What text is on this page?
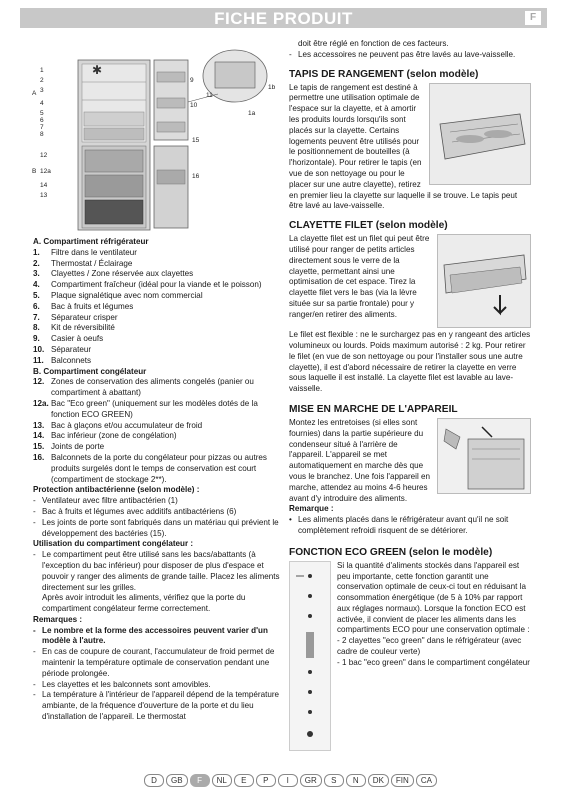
FICHE PRODUIT	F
✱
1
2
3
A
4
5
6
7
8
12
B 12a
14
13
9
10
11
15
16
1b
1a
A. Compartiment réfrigérateur
1.	Filtre dans le ventilateur
2.	Thermostat / Éclairage
3.	Clayettes / Zone réservée aux clayettes
4.	Compartiment fraîcheur (idéal pour la viande et le poisson)
5.	Plaque signalétique avec nom commercial
6.	Bac à fruits et légumes
7.	Séparateur crisper
8.	Kit de réversibilité
9.	Casier à oeufs
10. Séparateur
11. Balconnets
B. Compartiment congélateur
12. Zones de conservation des aliments congelés (panier ou compartiment à abattant)
12a. Bac "Eco green" (uniquement sur les modèles dotés de la fonction ECO GREEN)
13. Bac à glaçons et/ou accumulateur de froid
14. Bac inférieur (zone de congélation)
15. Joints de porte
16. Balconnets de la porte du congélateur pour pizzas ou autres produits surgelés dont le temps de conservation est court (compartiment de stockage 2**).
Protection antibactérienne (selon modèle) :
- Ventilateur avec filtre antibactérien (1)
- Bac à fruits et légumes avec additifs antibactériens (6)
- Les joints de porte sont fabriqués dans un matériau qui prévient le développement des bactéries (15).
Utilisation du compartiment congélateur :
- Le compartiment peut être utilisé sans les bacs/abattants (à l'exception du bac inférieur) pour disposer de plus d'espace et pouvoir y ranger des aliments de grande taille. Placez les aliments directement sur les grilles.
Après avoir introduit les aliments, vérifiez que la porte du compartiment congélateur ferme correctement.
Remarques :
- Le nombre et la forme des accessoires peuvent varier d'un modèle à l'autre.
- En cas de coupure de courant, l'accumulateur de froid permet de maintenir la température optimale de conservation pendant une période prolongée.
- Les clayettes et les balconnets sont amovibles.
- La température à l'intérieur de l'appareil dépend de la température ambiante, de la fréquence d'ouverture de la porte et du lieu d'installation de l'appareil. Le thermostat
doit être réglé en fonction de ces facteurs.
- Les accessoires ne peuvent pas être lavés au lave-vaisselle.
TAPIS DE RANGEMENT (selon modèle)

Le tapis de rangement est destiné à permettre une utilisation optimale de l'espace sur la clayette, et à amortir les produits lourds lorsqu'ils sont placés sur la clayette. Certains logements peuvent être utilisés pour le positionnement de bouteilles (à l'horizontale). Pour retirer le tapis (en vue de son nettoyage ou pour le placer sur une autre clayette), retirez en premier lieu la clayette sur laquelle il se trouve. Le tapis peut être lavé au lave-vaisselle.

CLAYETTE FILET (selon modèle)

La clayette filet est un filet qui peut être utilisé pour ranger de petits articles directement sous le verre de la clayette, permettant ainsi une optimisation de cet espace. Tirez la clayette filet vers le bas (via la lèvre située sur sa partie frontale) pour y ranger/en retirer des aliments.

Le filet est flexible : ne le surchargez pas en y rangeant des articles volumineux ou lourds. Poids maximum autorisé : 2 kg. Pour retirer le filet (en vue de son nettoyage ou pour l'installer sous une autre clayette), il est d'abord nécessaire de retirer la clayette en verre sous laquelle il est installé. La clayette filet est lavable au lave-vaisselle.

MISE EN MARCHE DE L'APPAREIL

Montez les entretoises (si elles sont fournies) dans la partie supérieure du condenseur situé à l'arrière de l'appareil. L'appareil se met automatiquement en marche dès que vous le branchez. Une fois l'appareil en marche, attendez au moins 4-6 heures avant d'y introduire des aliments.

Remarque :
• Les aliments placés dans le réfrigérateur avant qu'il ne soit complètement refroidi risquent de se détériorer.
FONCTION ECO GREEN (selon le modèle)

Si la quantité d'aliments stockés dans l'appareil est peu importante, cette fonction garantit une conservation optimale de ceux-ci tout en réduisant la consommation énergétique (de 5 à 10% par rapport aux réglages normaux). Lorsque la fonction ECO est activée, il convient de placer les aliments dans les compartiments ECO pour une conservation optimale :

- 2 clayettes "eco green" dans le réfrigérateur (avec cadre de couleur verte)
- 1 bac "eco green" dans le compartiment congélateur
D	GB	F	NL	E	P	I	GR	S	N	DK	FIN	CA
